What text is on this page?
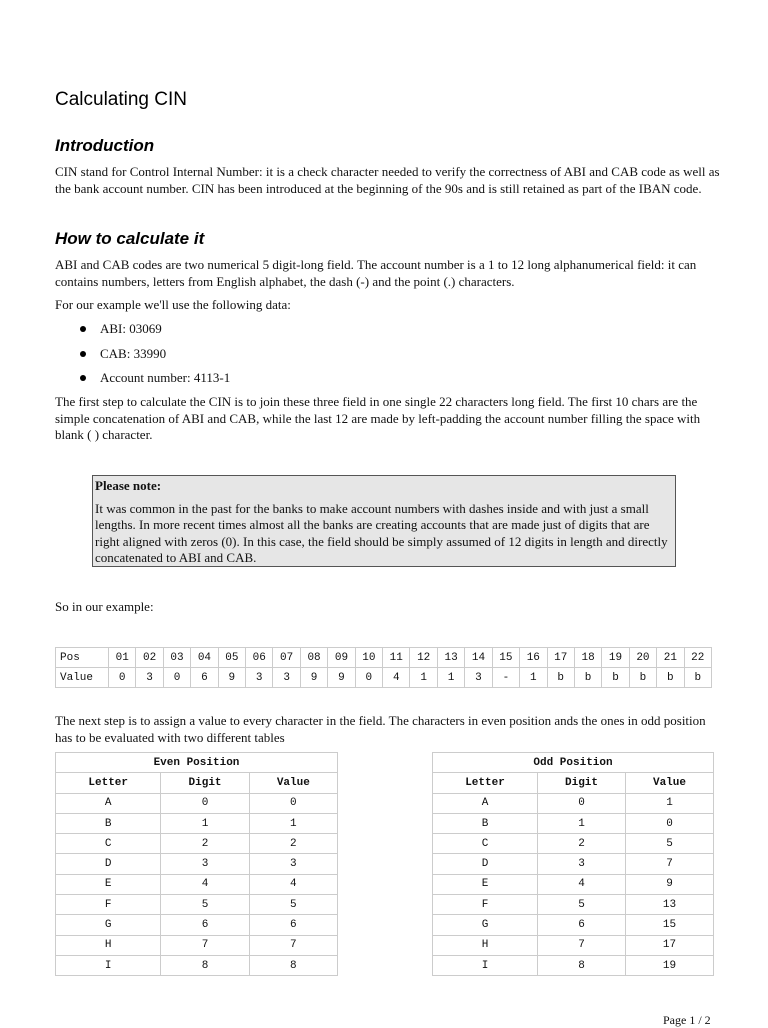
Calculating CIN
Introduction

CIN stand for Control Internal Number: it is a check character needed to verify the correctness of ABI and CAB code as well as the bank account number. CIN has been introduced at the beginning of the 90s and is still retained as part of the IBAN code.

How to calculate it

ABI and CAB codes are two numerical 5 digit-long field. The account number is a 1 to 12 long alphanumerical field: it can contains numbers, letters from English alphabet, the dash (-) and the point (.) characters.

For our example we'll use the following data:

ABI: 03069
CAB: 33990
Account number: 4113-1

The first step to calculate the CIN is to join these three field in one single 22 characters long field. The first 10 chars are the simple concatenation of ABI and CAB, while the last 12 are made by left-padding the account number filling the space with blank ( ) character.

Please note:
It was common in the past for the banks to make account numbers with dashes inside and with just a small lengths. In more recent times almost all the banks are creating accounts that are made just of digits that are right aligned with zeros (0). In this case, the field should be simply assumed of 12 digits in length and directly concatenated to ABI and CAB.

So in our example:

Pos	01	02	03	04	05	06	07	08	09	10	11	12	13	14	15	16	17	18	19	20	21	22
Value	0	3	0	6	9	3	3	9	9	0	4	1	1	3	-	1	b	b	b	b	b	b

The next step is to assign a value to every character in the field. The characters in even position ands the ones in odd position has to be evaluated with two different tables

Even Position		
Letter	Digit	Value
A	0	0
B	1	1
C	2	2
D	3	3
E	4	4
F	5	5
G	6	6
H	7	7
I	8	8
Odd Position		
Letter	Digit	Value
A	0	1
B	1	0
C	2	5
D	3	7
E	4	9
F	5	13
G	6	15
H	7	17
I	8	19
Page 1 / 2
